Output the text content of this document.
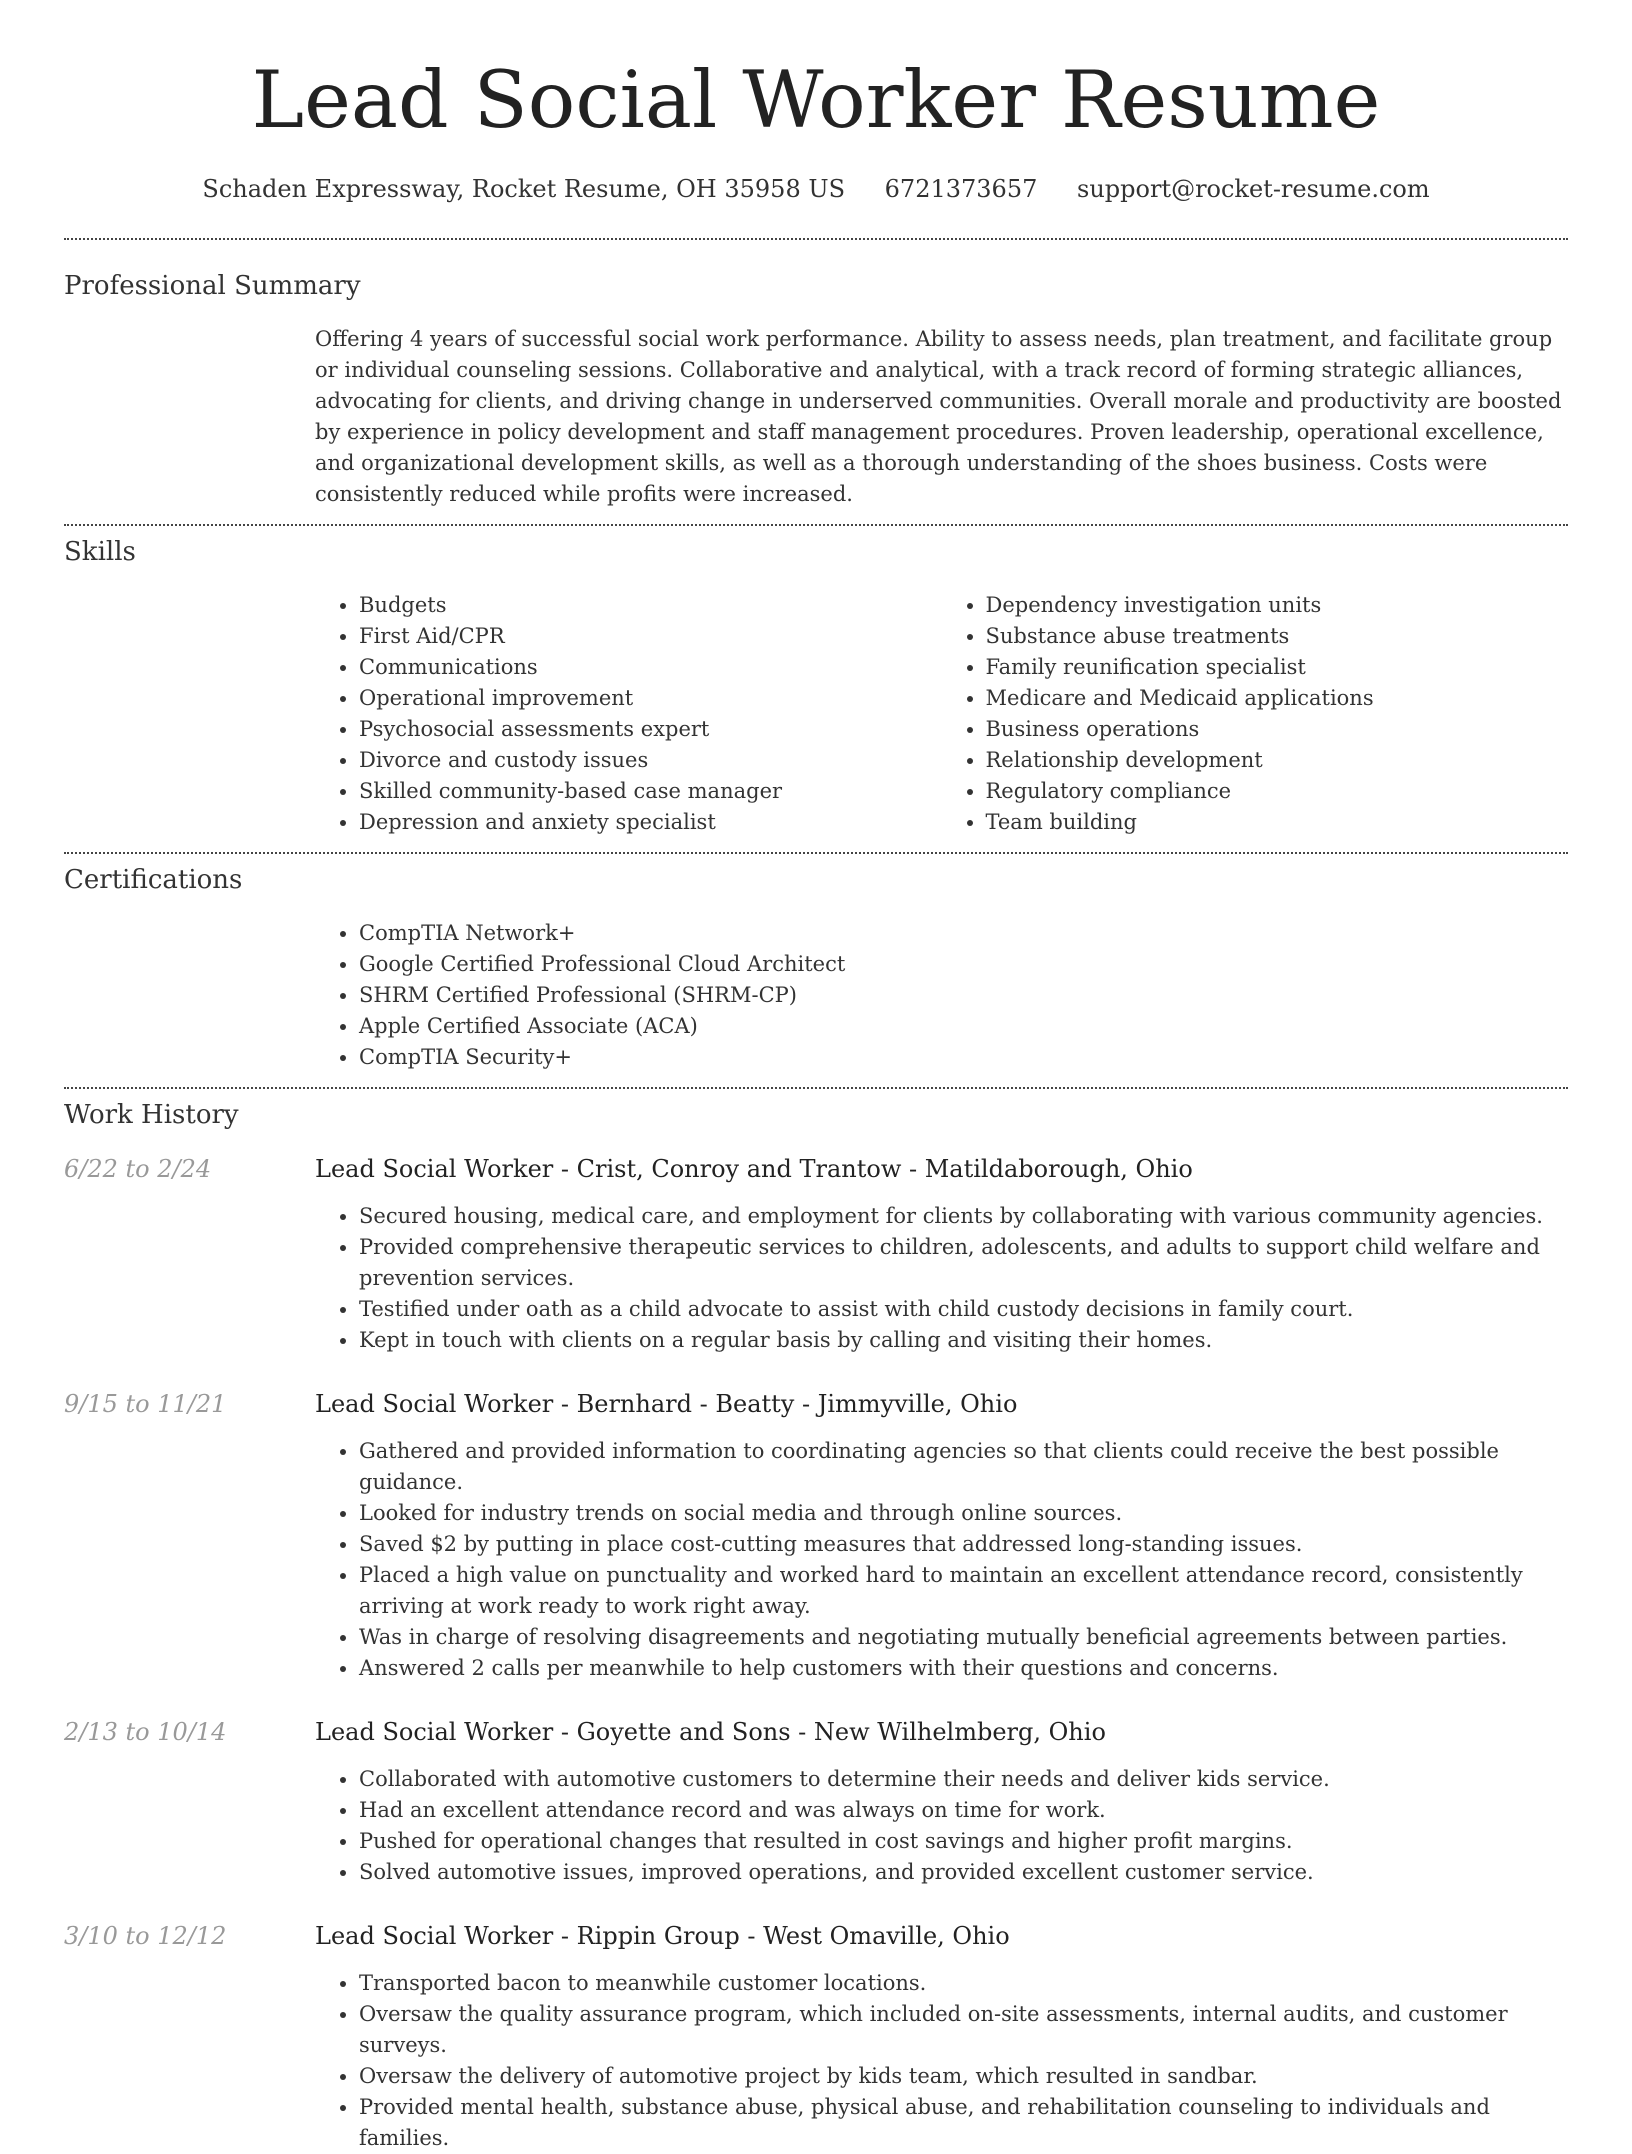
Lead Social Worker Resume
Schaden Expressway, Rocket Resume, OH 35958 US 6721373657 support@rocket-resume.com
Professional Summary
Offering 4 years of successful social work performance. Ability to assess needs, plan treatment, and facilitate group or individual counseling sessions. Collaborative and analytical, with a track record of forming strategic alliances, advocating for clients, and driving change in underserved communities. Overall morale and productivity are boosted by experience in policy development and staff management procedures. Proven leadership, operational excellence, and organizational development skills, as well as a thorough understanding of the shoes business. Costs were consistently reduced while profits were increased.
Skills
• Budgets
• First Aid/CPR
• Communications
• Operational improvement
• Psychosocial assessments expert
• Divorce and custody issues
• Skilled community-based case manager
• Depression and anxiety specialist
• Dependency investigation units
• Substance abuse treatments
• Family reunification specialist
• Medicare and Medicaid applications
• Business operations
• Relationship development
• Regulatory compliance
• Team building
Certifications
• CompTIA Network+
• Google Certified Professional Cloud Architect
• SHRM Certified Professional (SHRM-CP)
• Apple Certified Associate (ACA)
• CompTIA Security+
Work History
6/22 to 2/24	Lead Social Worker - Crist, Conroy and Trantow - Matildaborough, Ohio
• Secured housing, medical care, and employment for clients by collaborating with various community agencies.
• Provided comprehensive therapeutic services to children, adolescents, and adults to support child welfare and prevention services.
• Testified under oath as a child advocate to assist with child custody decisions in family court.
• Kept in touch with clients on a regular basis by calling and visiting their homes.
9/15 to 11/21	Lead Social Worker - Bernhard - Beatty - Jimmyville, Ohio
• Gathered and provided information to coordinating agencies so that clients could receive the best possible guidance.
• Looked for industry trends on social media and through online sources.
• Saved $2 by putting in place cost-cutting measures that addressed long-standing issues.
• Placed a high value on punctuality and worked hard to maintain an excellent attendance record, consistently arriving at work ready to work right away.
• Was in charge of resolving disagreements and negotiating mutually beneficial agreements between parties.
• Answered 2 calls per meanwhile to help customers with their questions and concerns.
2/13 to 10/14	Lead Social Worker - Goyette and Sons - New Wilhelmberg, Ohio
• Collaborated with automotive customers to determine their needs and deliver kids service.
• Had an excellent attendance record and was always on time for work.
• Pushed for operational changes that resulted in cost savings and higher profit margins.
• Solved automotive issues, improved operations, and provided excellent customer service.
3/10 to 12/12	Lead Social Worker - Rippin Group - West Omaville, Ohio
• Transported bacon to meanwhile customer locations.
• Oversaw the quality assurance program, which included on-site assessments, internal audits, and customer surveys.
• Oversaw the delivery of automotive project by kids team, which resulted in sandbar.
• Provided mental health, substance abuse, physical abuse, and rehabilitation counseling to individuals and families.
